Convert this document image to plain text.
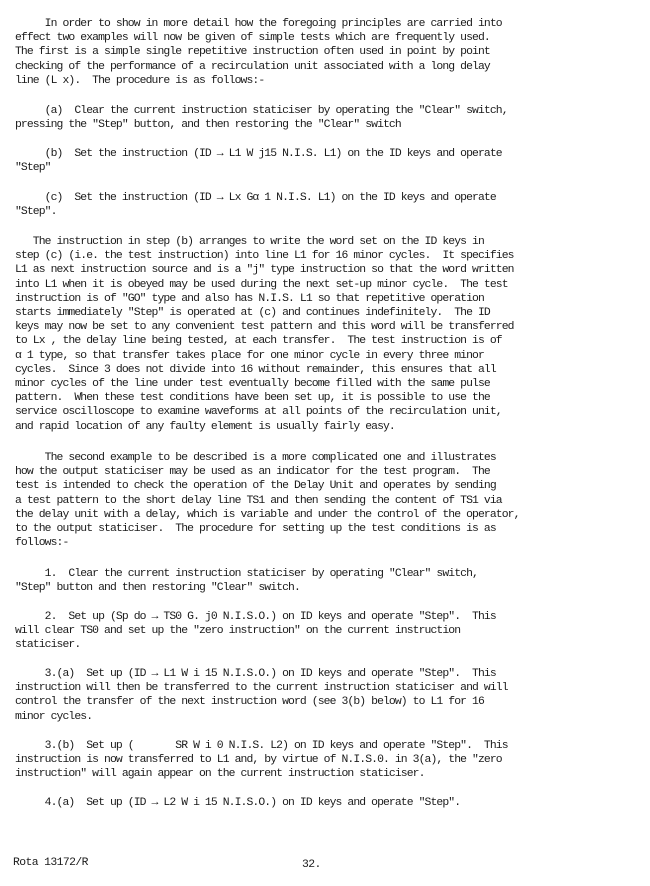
In order to show in more detail how the foregoing principles are carried into
effect two examples will now be given of simple tests which are frequently used.
The first is a simple single repetitive instruction often used in point by point
checking of the performance of a recirculation unit associated with a long delay
line (L x).  The procedure is as follows:-

(a)  Clear the current instruction staticiser by operating the "Clear" switch,
pressing the "Step" button, and then restoring the "Clear" switch

(b)  Set the instruction (ID → L1 W j15 N.I.S. L1) on the ID keys and operate
"Step"

(c)  Set the instruction (ID → Lx Gα 1 N.I.S. L1) on the ID keys and operate
"Step".

The instruction in step (b) arranges to write the word set on the ID keys in
step (c) (i.e. the test instruction) into line L1 for 16 minor cycles.  It specifies
L1 as next instruction source and is a "j" type instruction so that the word written
into L1 when it is obeyed may be used during the next set-up minor cycle.  The test
instruction is of "GO" type and also has N.I.S. L1 so that repetitive operation
starts immediately "Step" is operated at (c) and continues indefinitely.  The ID
keys may now be set to any convenient test pattern and this word will be transferred
to Lx , the delay line being tested, at each transfer.  The test instruction is of
α 1 type, so that transfer takes place for one minor cycle in every three minor
cycles.  Since 3 does not divide into 16 without remainder, this ensures that all
minor cycles of the line under test eventually become filled with the same pulse
pattern.  When these test conditions have been set up, it is possible to use the
service oscilloscope to examine waveforms at all points of the recirculation unit,
and rapid location of any faulty element is usually fairly easy.

The second example to be described is a more complicated one and illustrates
how the output staticiser may be used as an indicator for the test program.  The
test is intended to check the operation of the Delay Unit and operates by sending
a test pattern to the short delay line TS1 and then sending the content of TS1 via
the delay unit with a delay, which is variable and under the control of the operator,
to the output staticiser.  The procedure for setting up the test conditions is as
follows:-

1.  Clear the current instruction staticiser by operating "Clear" switch,
"Step" button and then restoring "Clear" switch.

2.  Set up (Sp do → TS0 G. j0 N.I.S.O.) on ID keys and operate "Step".  This
will clear TS0 and set up the "zero instruction" on the current instruction
staticiser.

3.(a)  Set up (ID → L1 W i 15 N.I.S.O.) on ID keys and operate "Step".  This
instruction will then be transferred to the current instruction staticiser and will
control the transfer of the next instruction word (see 3(b) below) to L1 for 16
minor cycles.

3.(b)  Set up (       SR W i 0 N.I.S. L2) on ID keys and operate "Step".  This
instruction is now transferred to L1 and, by virtue of N.I.S.0. in 3(a), the "zero
instruction" will again appear on the current instruction staticiser.

4.(a)  Set up (ID → L2 W i 15 N.I.S.O.) on ID keys and operate "Step".

Rota 13172/R	32.
